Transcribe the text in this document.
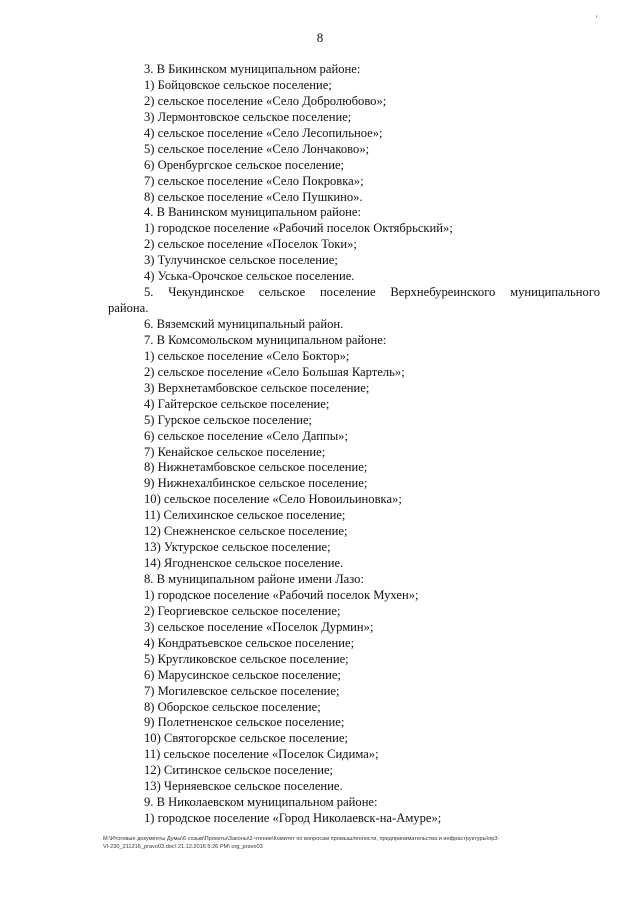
8
'
3. В Бикинском муниципальном районе:
1) Бойцовское сельское поселение;
2) сельское поселение «Село Добролюбово»;
3) Лермонтовское сельское поселение;
4) сельское поселение «Село Лесопильное»;
5) сельское поселение «Село Лончаково»;
6) Оренбургское сельское поселение;
7) сельское поселение «Село Покровка»;
8) сельское поселение «Село Пушкино».
4. В Ванинском муниципальном районе:
1) городское поселение «Рабочий поселок Октябрьский»;
2) сельское поселение «Поселок Токи»;
3) Тулучинское сельское поселение;
4) Уська-Орочское сельское поселение.
5. Чекундинское сельское поселение Верхнебуреинского муниципального
района.
6. Вяземский муниципальный район.
7. В Комсомольском муниципальном районе:
1) сельское поселение «Село Боктор»;
2) сельское поселение «Село Большая Картель»;
3) Верхнетамбовское сельское поселение;
4) Гайтерское сельское поселение;
5) Гурское сельское поселение;
6) сельское поселение «Село Даппы»;
7) Кенайское сельское поселение;
8) Нижнетамбовское сельское поселение;
9) Нижнехалбинское сельское поселение;
10) сельское поселение «Село Новоильиновка»;
11) Селихинское сельское поселение;
12) Снежненское сельское поселение;
13) Уктурское сельское поселение;
14) Ягодненское сельское поселение.
8. В муниципальном районе имени Лазо:
1) городское поселение «Рабочий поселок Мухен»;
2) Георгиевское сельское поселение;
3) сельское поселение «Поселок Дурмин»;
4) Кондратьевское сельское поселение;
5) Кругликовское сельское поселение;
6) Марусинское сельское поселение;
7) Могилевское сельское поселение;
8) Оборское сельское поселение;
9) Полетненское сельское поселение;
10) Святогорское сельское поселение;
11) сельское поселение «Поселок Сидима»;
12) Ситинское сельское поселение;
13) Черняевское сельское поселение.
9. В Николаевском муниципальном районе:
1) городское поселение «Город Николаевск-на-Амуре»;
M:\Итоговые документы Думы\6 созыв\Проекты\Законы\3 чтение\Комитет по вопросам промышленности, предпринимательства и инфраструктуры\пр3-
VI-230_211216_pravo03.doc\ 21.12.2016 5:26 PM\ org_pravo03
